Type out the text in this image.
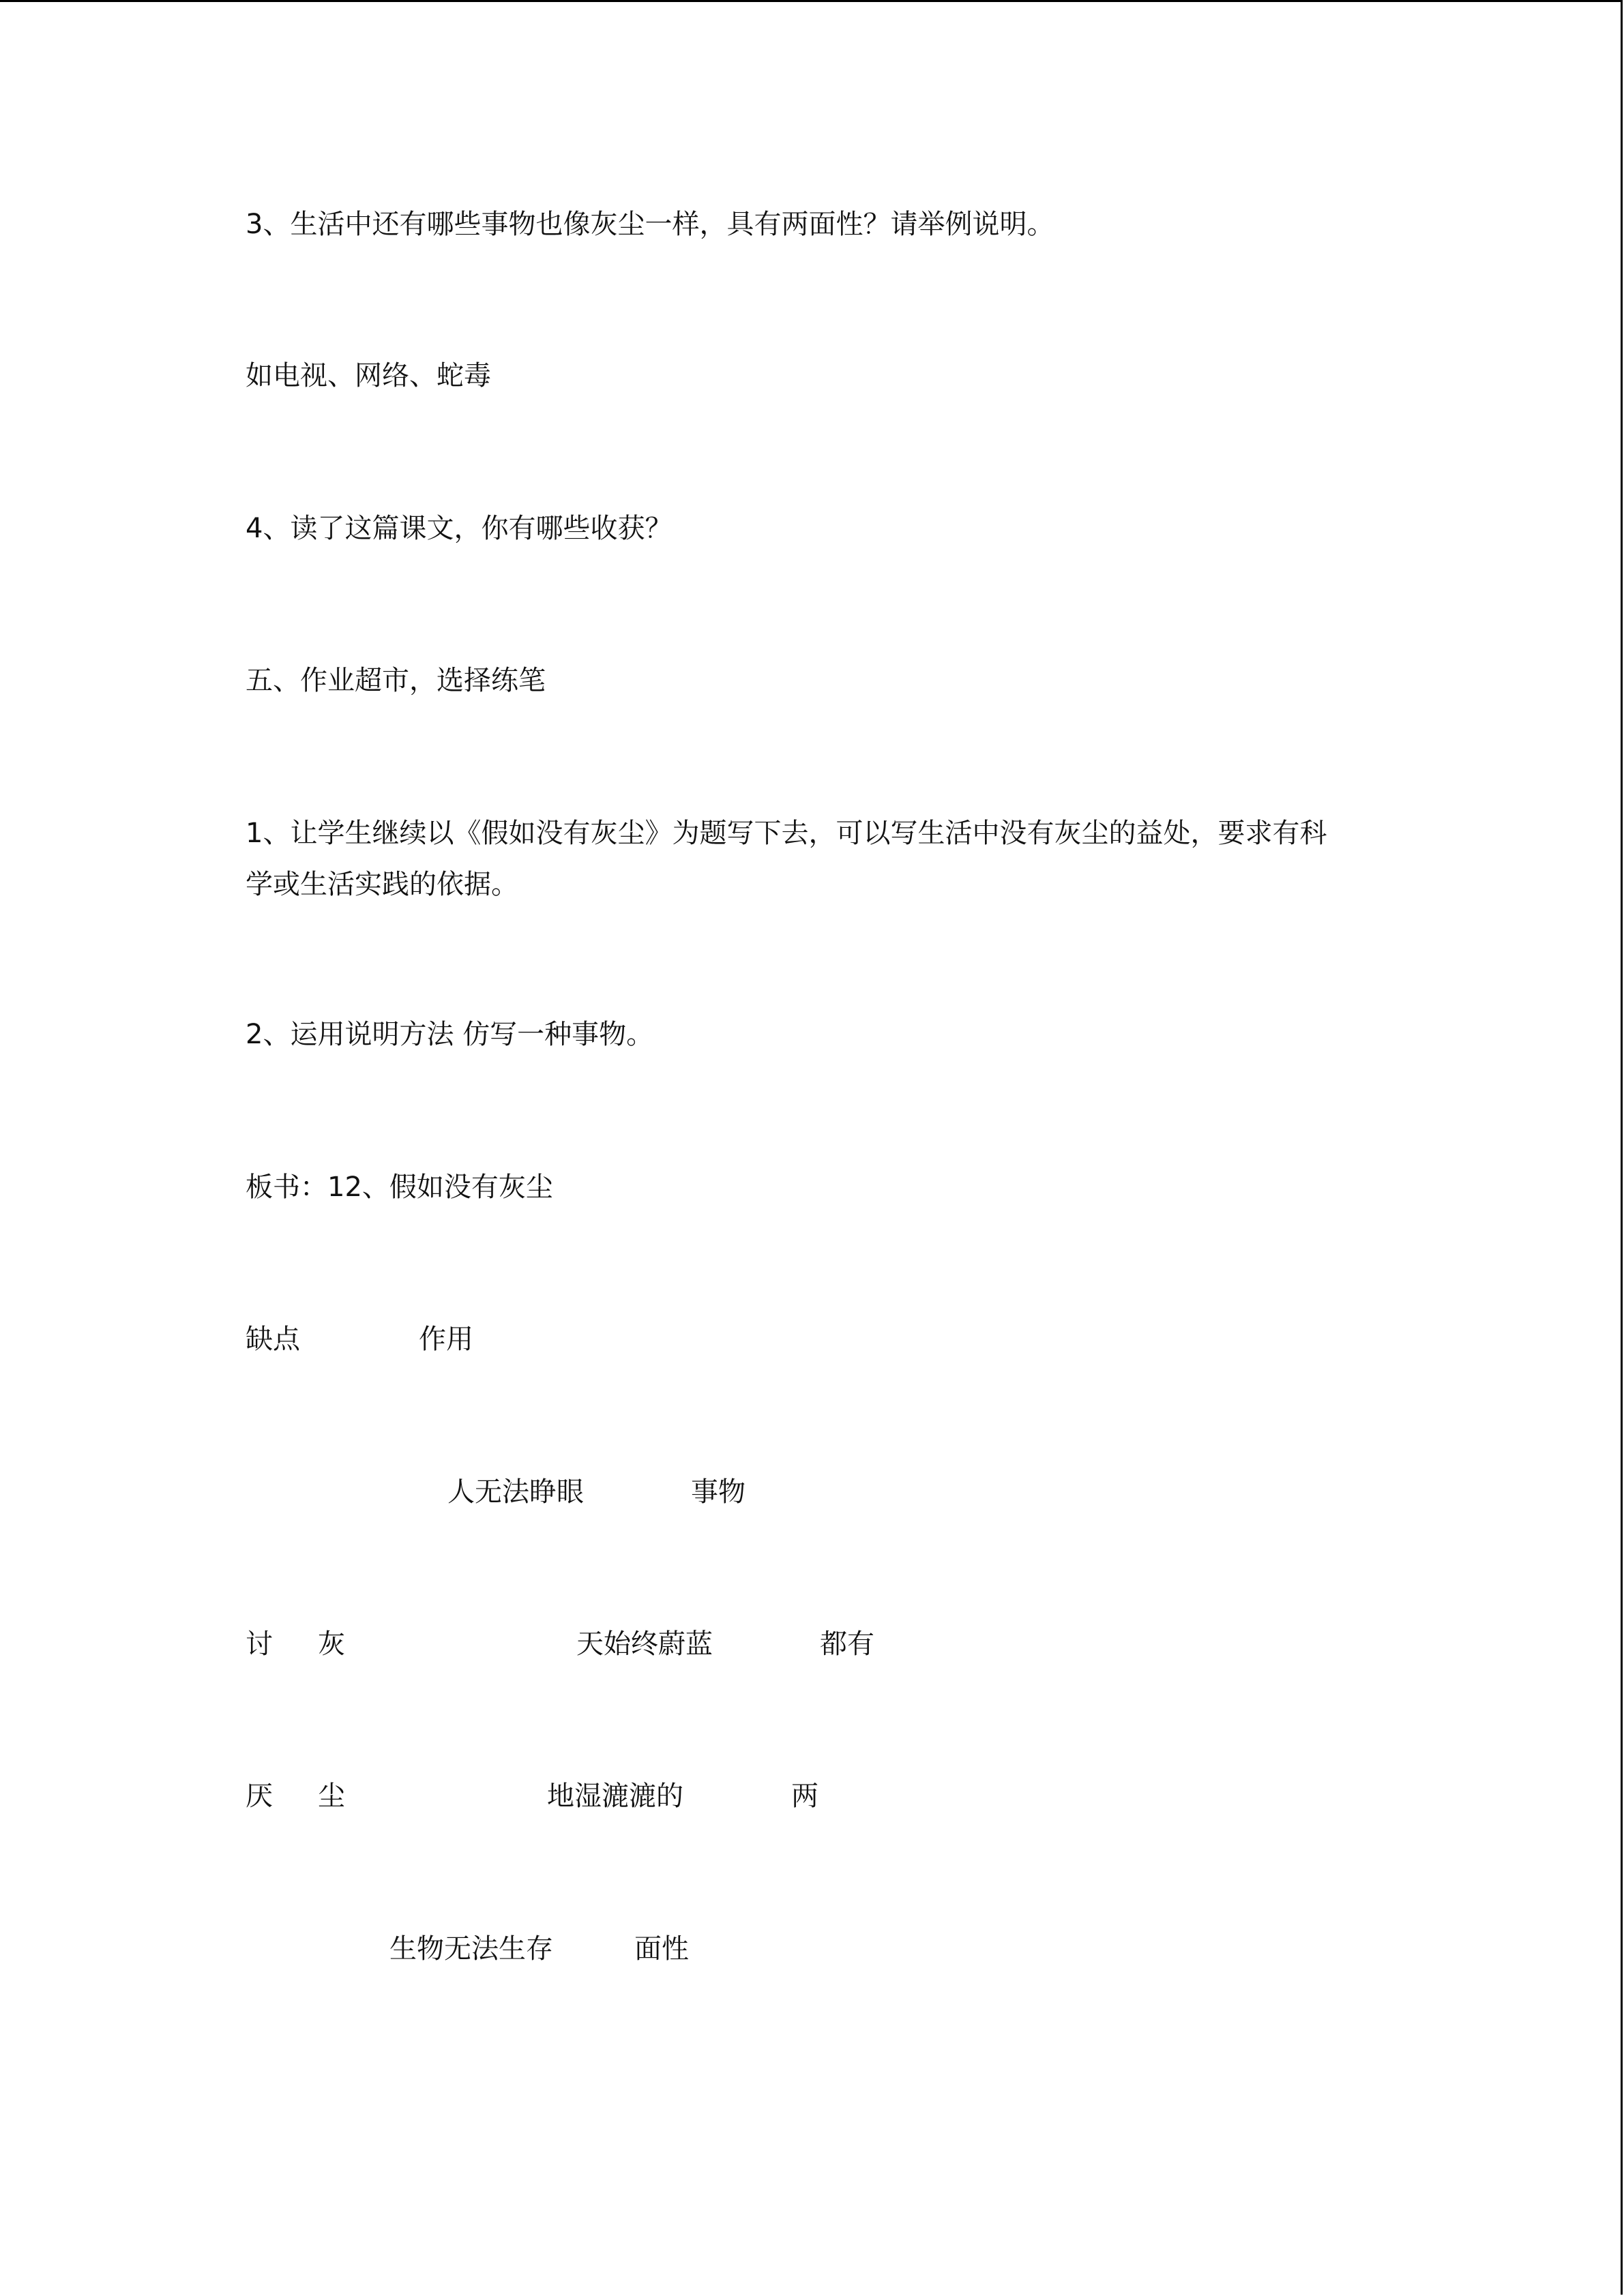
3、生活中还有哪些事物也像灰尘一样，具有两面性？请举例说明。
如电视、网络、蛇毒
4、读了这篇课文，你有哪些收获？
五、作业超市，选择练笔
1、让学生继续以《假如没有灰尘》为题写下去，可以写生活中没有灰尘的益处，要求有科
学或生活实践的依据。
2、运用说明方法 仿写一种事物。
板书：12、假如没有灰尘
缺点	作用
人无法睁眼	事物
讨 灰	天始终蔚蓝	都有
厌 尘	地湿漉漉的	两
生物无法生存	面性
